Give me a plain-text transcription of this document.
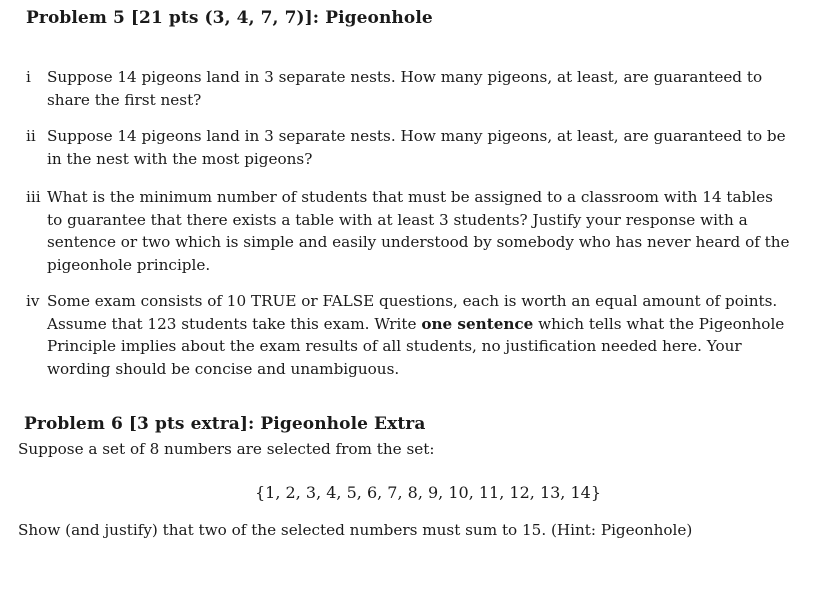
Problem 5 [21 pts (3, 4, 7, 7)]: Pigeonhole
i	Suppose 14 pigeons land in 3 separate nests. How many pigeons, at least, are guaranteed to
share the first nest?
ii Suppose 14 pigeons land in 3 separate nests. How many pigeons, at least, are guaranteed to be
in the nest with the most pigeons?
iii What is the minimum number of students that must be assigned to a classroom with 14 tables
to guarantee that there exists a table with at least 3 students? Justify your response with a
sentence or two which is simple and easily understood by somebody who has never heard of the
pigeonhole principle.
iv Some exam consists of 10 TRUE or FALSE questions, each is worth an equal amount of points.
Assume that 123 students take this exam. Write one sentence which tells what the Pigeonhole
Principle implies about the exam results of all students, no justification needed here. Your
wording should be concise and unambiguous.
Problem 6 [3 pts extra]: Pigeonhole Extra
Suppose a set of 8 numbers are selected from the set:
{1, 2, 3, 4, 5, 6, 7, 8, 9, 10, 11, 12, 13, 14}
Show (and justify) that two of the selected numbers must sum to 15. (Hint: Pigeonhole)
